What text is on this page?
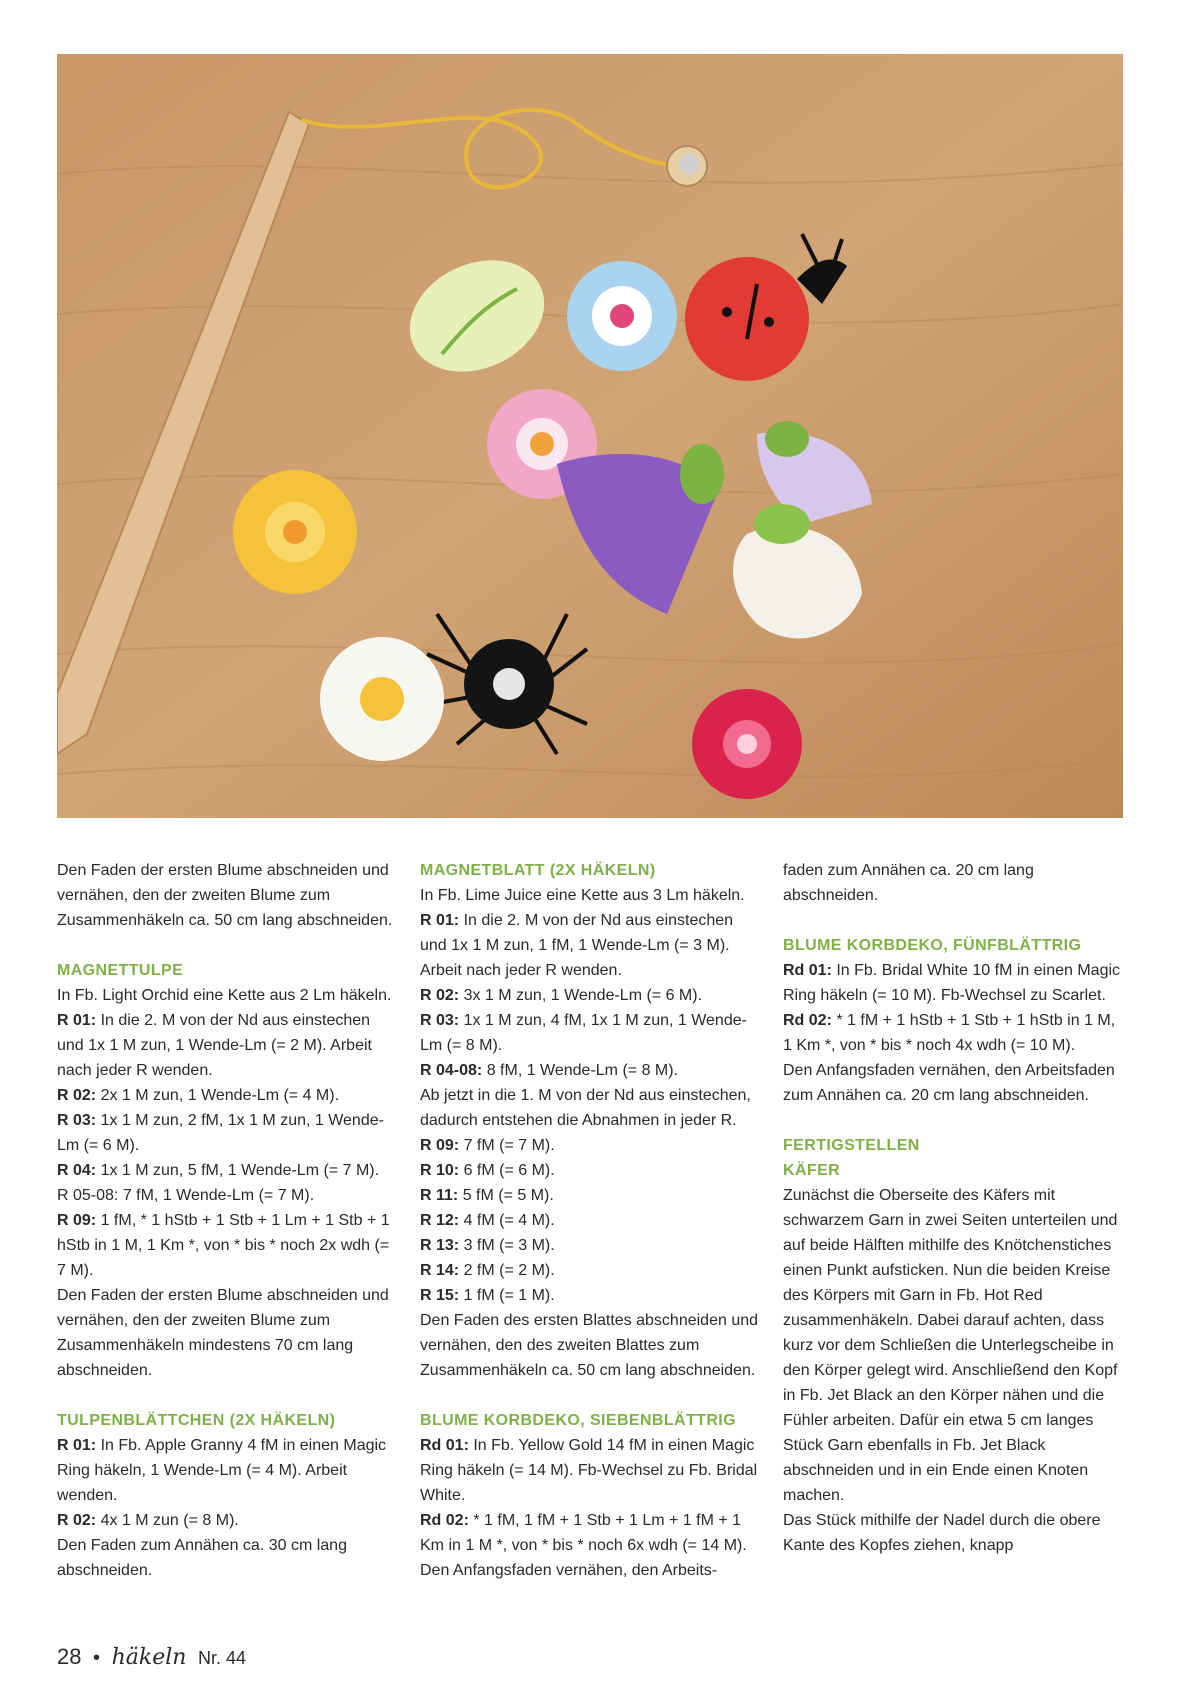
Den Faden der ersten Blume abschneiden und vernähen, den der zweiten Blume zum Zusammenhäkeln ca. 50 cm lang abschneiden.

MAGNETTULPE

In Fb. Light Orchid eine Kette aus 2 Lm häkeln.

R 01: In die 2. M von der Nd aus einstechen und 1x 1 M zun, 1 Wende-Lm (= 2 M). Arbeit nach jeder R wenden.

R 02: 2x 1 M zun, 1 Wende-Lm (= 4 M).

R 03: 1x 1 M zun, 2 fM, 1x 1 M zun, 1 Wende-Lm (= 6 M).

R 04: 1x 1 M zun, 5 fM, 1 Wende-Lm (= 7 M).

R 05-08: 7 fM, 1 Wende-Lm (= 7 M).

R 09: 1 fM, * 1 hStb + 1 Stb + 1 Lm + 1 Stb + 1 hStb in 1 M, 1 Km *, von * bis * noch 2x wdh (= 7 M).

Den Faden der ersten Blume abschneiden und vernähen, den der zweiten Blume zum Zusammenhäkeln mindestens 70 cm lang abschneiden.

TULPENBLÄTTCHEN (2X HÄKELN)

R 01: In Fb. Apple Granny 4 fM in einen Magic Ring häkeln, 1 Wende-Lm (= 4 M). Arbeit wenden.

R 02: 4x 1 M zun (= 8 M).

Den Faden zum Annähen ca. 30 cm lang abschneiden.

MAGNETBLATT (2X HÄKELN)

In Fb. Lime Juice eine Kette aus 3 Lm häkeln.

R 01: In die 2. M von der Nd aus einstechen und 1x 1 M zun, 1 fM, 1 Wende-Lm (= 3 M). Arbeit nach jeder R wenden.

R 02: 3x 1 M zun, 1 Wende-Lm (= 6 M).

R 03: 1x 1 M zun, 4 fM, 1x 1 M zun, 1 Wende-Lm (= 8 M).

R 04-08: 8 fM, 1 Wende-Lm (= 8 M).

Ab jetzt in die 1. M von der Nd aus einstechen, dadurch entstehen die Abnahmen in jeder R.

R 09: 7 fM (= 7 M).

R 10: 6 fM (= 6 M).

R 11: 5 fM (= 5 M).

R 12: 4 fM (= 4 M).

R 13: 3 fM (= 3 M).

R 14: 2 fM (= 2 M).

R 15: 1 fM (= 1 M).

Den Faden des ersten Blattes abschneiden und vernähen, den des zweiten Blattes zum Zusammenhäkeln ca. 50 cm lang abschneiden.

BLUME KORBDEKO, SIEBENBLÄTTRIG

Rd 01: In Fb. Yellow Gold 14 fM in einen Magic Ring häkeln (= 14 M). Fb-Wechsel zu Fb. Bridal White.

Rd 02: * 1 fM, 1 fM + 1 Stb + 1 Lm + 1 fM + 1 Km in 1 M *, von * bis * noch 6x wdh (= 14 M).

Den Anfangsfaden vernähen, den Arbeits-

faden zum Annähen ca. 20 cm lang abschneiden.

BLUME KORBDEKO, FÜNFBLÄTTRIG

Rd 01: In Fb. Bridal White 10 fM in einen Magic Ring häkeln (= 10 M). Fb-Wechsel zu Scarlet.

Rd 02: * 1 fM + 1 hStb + 1 Stb + 1 hStb in 1 M, 1 Km *, von * bis * noch 4x wdh (= 10 M).

Den Anfangsfaden vernähen, den Arbeitsfaden zum Annähen ca. 20 cm lang abschneiden.

FERTIGSTELLEN

KÄFER

Zunächst die Oberseite des Käfers mit schwarzem Garn in zwei Seiten unterteilen und auf beide Hälften mithilfe des Knötchenstiches einen Punkt aufsticken. Nun die beiden Kreise des Körpers mit Garn in Fb. Hot Red zusammenhäkeln. Dabei darauf achten, dass kurz vor dem Schließen die Unterlegscheibe in den Körper gelegt wird. Anschließend den Kopf in Fb. Jet Black an den Körper nähen und die Fühler arbeiten. Dafür ein etwa 5 cm langes Stück Garn ebenfalls in Fb. Jet Black abschneiden und in ein Ende einen Knoten machen.

Das Stück mithilfe der Nadel durch die obere Kante des Kopfes ziehen, knapp

28 • häkeln Nr. 44
